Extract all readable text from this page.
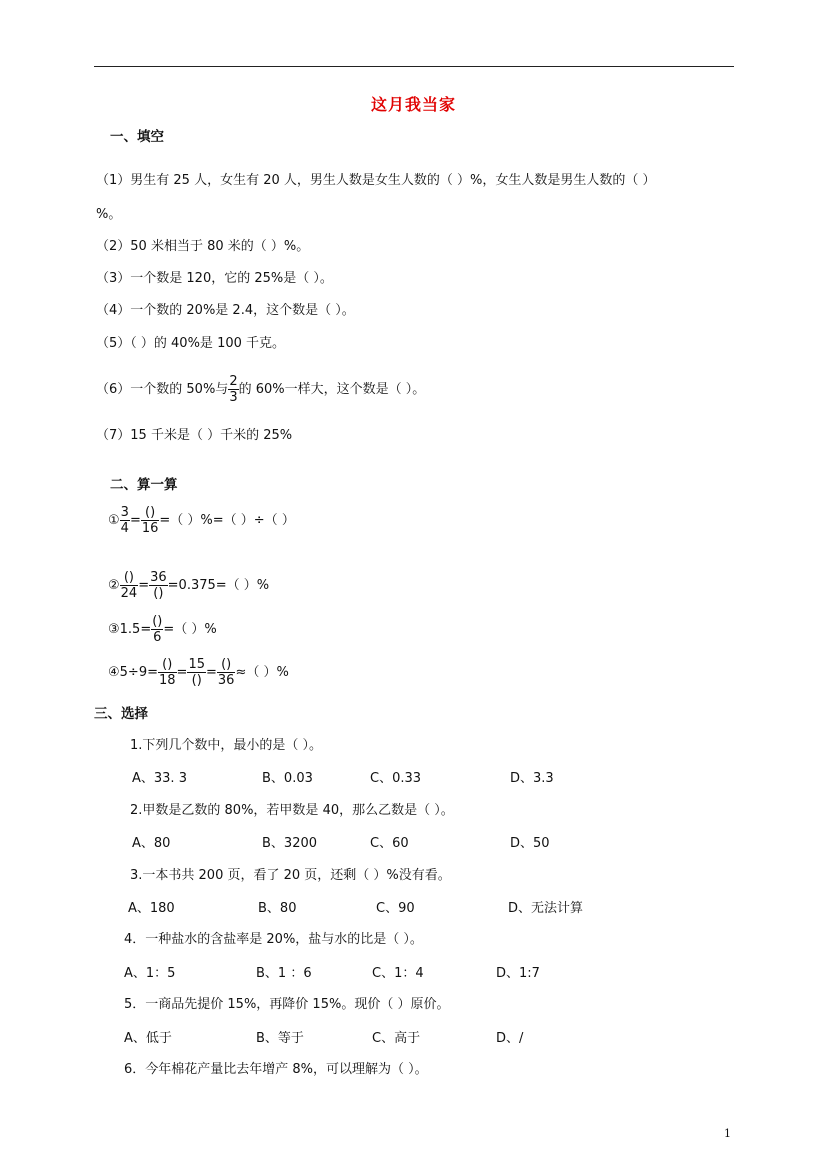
这月我当家
一、填空
（1）男生有 25 人，女生有 20 人，男生人数是女生人数的（ ）%，女生人数是男生人数的（ ）
%。
（2）50 米相当于 80 米的（ ）%。
（3）一个数是 120，它的 25%是（ ）。
（4）一个数的 20%是 2.4，这个数是（ ）。
（5）（ ）的 40%是 100 千克。
（6）一个数的 50%与 $\frac{2}{3}$ 的 60%一样大，这个数是（ ）。
（7）15 千米是（ ）千米的 25%
二、算一算
① $\frac{3}{4} = \frac{()}{16}$ =（ ）%=（ ）÷（ ）
② $\frac{()}{24} = \frac{36}{()} =0.375=$（ ）%
③1.5= $\frac{()}{6}$ =（ ）%
④5÷9= $\frac{()}{18} = \frac{15}{()} = \frac{()}{36}$ ≈（ ）%
三、选择
1.下列几个数中，最小的是（ ）。
A、33. 3	B、0.03	C、0.33	D、3.3
2.甲数是乙数的 80%，若甲数是 40，那么乙数是（ ）。
A、80	B、3200	C、60	D、50
3.一本书共 200 页，看了 20 页，还剩（ ）%没有看。
A、180	B、80	C、90	D、无法计算
4．一种盐水的含盐率是 20%，盐与水的比是（ ）。
A、1：5	B、1 ：6	C、1：4	D、1:7
5．一商品先提价 15%，再降价 15%。现价（ ）原价。
A、低于	B、等于	C、高于	D、/
6．今年棉花产量比去年增产 8%，可以理解为（ ）。
1
